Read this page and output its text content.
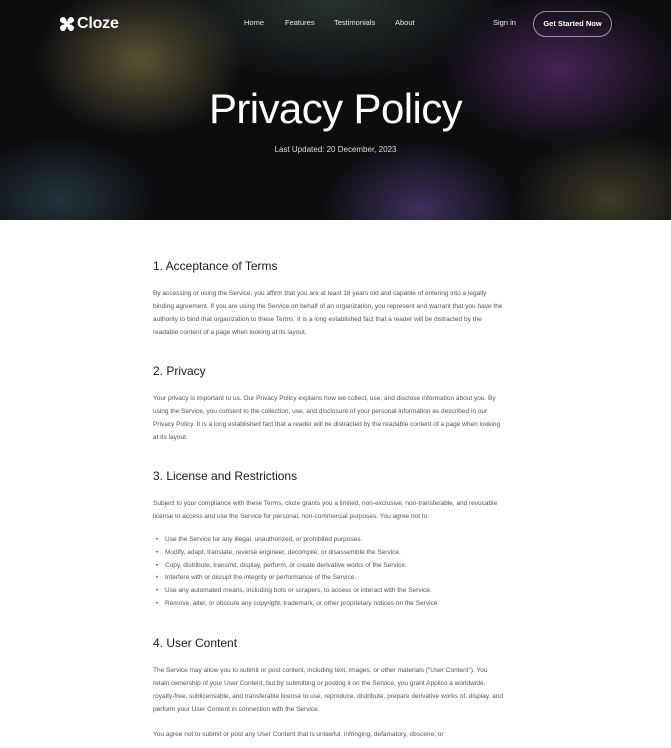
Cloze	Home	Features	Testimonials	About	Sign in	Get Started Now
Privacy Policy

Last Updated: 20 December, 2023

1. Acceptance of Terms

By accessing or using the Service, you affirm that you are at least 18 years old and capable of entering into a legally binding agreement. If you are using the Service on behalf of an organization, you represent and warrant that you have the authority to bind that organization to these Terms. It is a long established fact that a reader will be distracted by the readable content of a page when looking at its layout.

2. Privacy

Your privacy is important to us. Our Privacy Policy explains how we collect, use, and disclose information about you. By using the Service, you consent to the collection, use, and disclosure of your personal information as described in our Privacy Policy. It is a long established fact that a reader will be distracted by the readable content of a page when looking at its layout.

3. License and Restrictions

Subject to your compliance with these Terms, cloze grants you a limited, non-exclusive, non-transferable, and revocable license to access and use the Service for personal, non-commercial purposes. You agree not to:

• Use the Service for any illegal, unauthorized, or prohibited purposes.
• Modify, adapt, translate, reverse engineer, decompile, or disassemble the Service.
• Copy, distribute, transmit, display, perform, or create derivative works of the Service.
• Interfere with or disrupt the integrity or performance of the Service.
• Use any automated means, including bots or scrapers, to access or interact with the Service.
• Remove, alter, or obscure any copyright, trademark, or other proprietary notices on the Service.
4. User Content

The Service may allow you to submit or post content, including text, images, or other materials ("User Content"). You retain ownership of your User Content, but by submitting or posting it on the Service, you grant Applico a worldwide, royalty-free, sublicensable, and transferable license to use, reproduce, distribute, prepare derivative works of, display, and perform your User Content in connection with the Service.

You agree not to submit or post any User Content that is unlawful, infringing, defamatory, obscene, or
